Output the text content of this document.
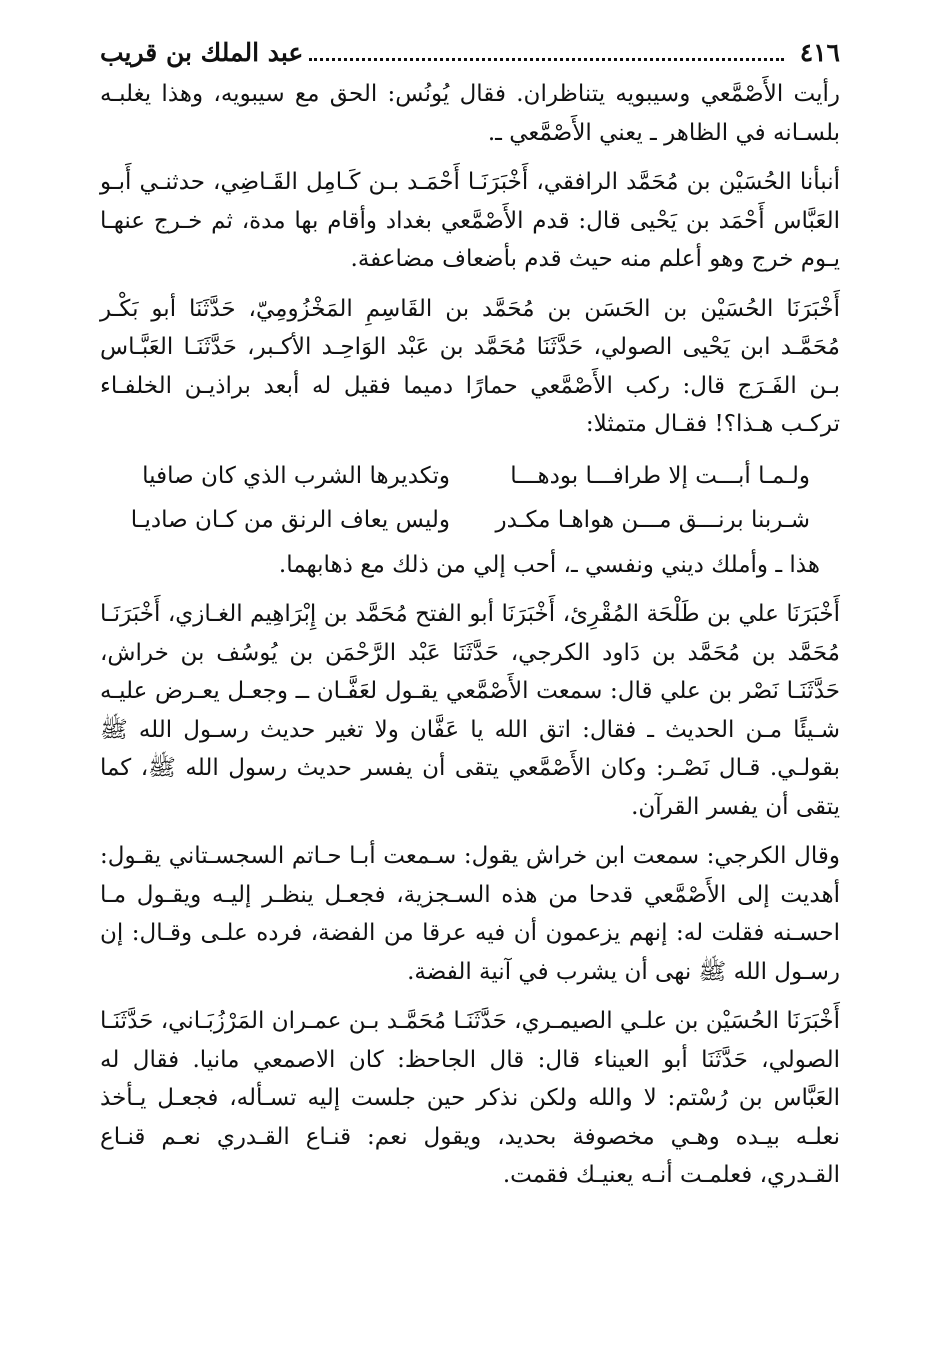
٤١٦
عبد الملك بن قريب

رأيت الأَصْمَّعي وسيبويه يتناظران. فقال يُونُس: الحق مع سيبويه، وهذا يغلبـه بلسـانه في الظاهر ـ يعني الأَصْمَّعي ـ.

أنبأنا الحُسَيْن بن مُحَمَّد الرافقي، أَخْبَرَنَـا أَحْمَـد بـن كَـامِل القَـاضِي، حدثنـي أَبـو العَبَّاس أَحْمَد بن يَحْيى قال: قدم الأَصْمَّعي بغداد وأقام بها مدة، ثم خـرج عنهـا يـوم خرج وهو أعلم منه حيث قدم بأضعاف مضاعفة.

أَخْبَرَنَا الحُسَيْن بن الحَسَن بن مُحَمَّد بن القَاسِمِ المَخْزُومِيّ، حَدَّثَنَا أبو بَكْـر مُحَمَّـد ابن يَحْيى الصولي، حَدَّثَنَا مُحَمَّد بن عَبْد الوَاحِـد الأكـبر، حَدَّثَنَـا العَبَّـاس بـن الفَـرَج قال: ركب الأَصْمَّعي حمارًا دميما فقيل له أبعد براذيـن الخلفـاء تركـب هـذا؟! فقـال متمثلا:

ولـمـا أبـــت إلا طرافـــا بودهـــا
وتكديرها الشرب الذي كان صافيا
شـربنا برنـــق مـــن هواهـا مكـدر
وليس يعاف الرنق من كـان صاديـا

هذا ـ وأملك ديني ونفسي ـ، أحب إلي من ذلك مع ذهابهما.

أَخْبَرَنَا علي بن طَلْحَة المُقْرِئ، أَخْبَرَنَا أبو الفتح مُحَمَّد بن إِبْرَاهِيم الغـازي، أَخْبَرَنَـا مُحَمَّد بن مُحَمَّد بن دَاود الكرجي، حَدَّثَنَا عَبْد الرَّحْمَن بن يُوسُف بن خراش، حَدَّثَنَـا نَصْر بن علي قال: سمعت الأَصْمَّعي يقـول لعَفَّـان ــ وجعـل يعـرض عليـه شـيئًا مـن الحديث ـ فقال: اتق الله يا عَفَّان ولا تغير حديث رسـول الله ﷺ بقولـي. قـال نَصْـر: وكان الأَصْمَّعي يتقى أن يفسر حديث رسول الله ﷺ، كما يتقى أن يفسر القرآن.

وقال الكرجي: سمعت ابن خراش يقول: سـمعت أبـا حـاتم السجسـتاني يقـول: أهديت إلى الأَصْمَّعي قدحا من هذه السـجزية، فجعـل ينظـر إليـه ويقـول مـا احسـنه فقلت له: إنهم يزعمون أن فيه عرقا من الفضة، فرده علـى وقـال: إن رسـول الله ﷺ نهى أن يشرب في آنية الفضة.

أَخْبَرَنَا الحُسَيْن بن علـي الصيمـري، حَدَّثَنَـا مُحَمَّـد بـن عمـران المَرْزُبَـاني، حَدَّثَنَـا الصولي، حَدَّثَنَا أبو العيناء قال: قال الجاحظ: كان الاصمعي مانيا. فقال له العَبَّاس بن رُسْتم: لا والله ولكن نذكر حين جلست إليه تسـأله، فجعـل يـأخذ نعلـه بيـده وهـي مخصوفة بحديد، ويقول نعم: قنـاع القـدري نعـم قنـاع القـدري، فعلمـت أنـه يعنيـك فقمت.
